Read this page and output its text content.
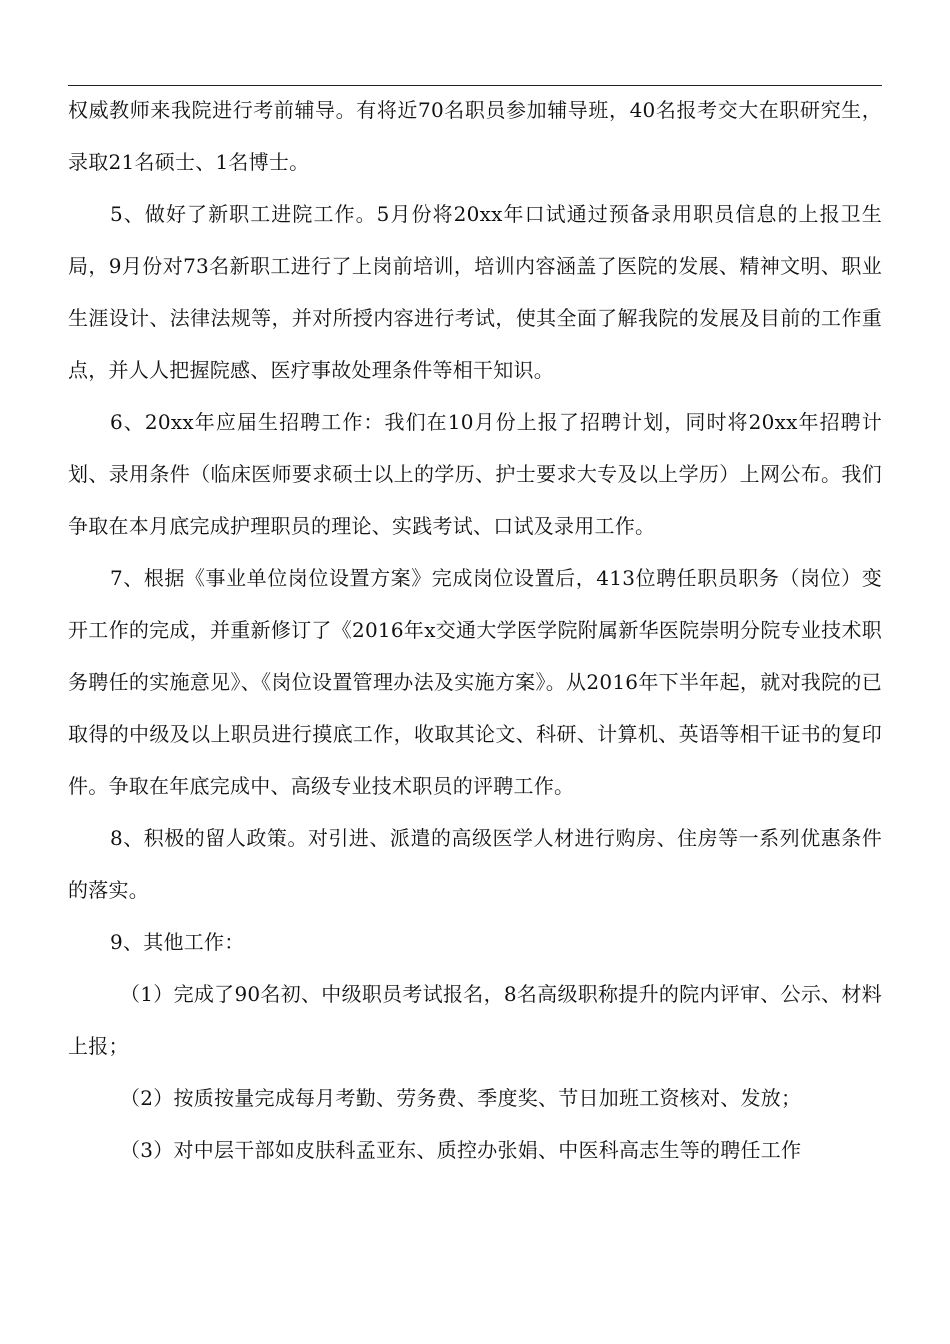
权威教师来我院进行考前辅导。有将近70名职员参加辅导班，40名报考交大在职研究生，录取21名硕士、1名博士。

5、做好了新职工进院工作。5月份将20xx年口试通过预备录用职员信息的上报卫生局，9月份对73名新职工进行了上岗前培训，培训内容涵盖了医院的发展、精神文明、职业生涯设计、法律法规等，并对所授内容进行考试，使其全面了解我院的发展及目前的工作重点，并人人把握院感、医疗事故处理条件等相干知识。

6、20xx年应届生招聘工作：我们在10月份上报了招聘计划，同时将20xx年招聘计划、录用条件（临床医师要求硕士以上的学历、护士要求大专及以上学历）上网公布。我们争取在本月底完成护理职员的理论、实践考试、口试及录用工作。

7、根据《事业单位岗位设置方案》完成岗位设置后，413位聘任职员职务（岗位）变开工作的完成，并重新修订了《2016年x交通大学医学院附属新华医院崇明分院专业技术职务聘任的实施意见》、《岗位设置管理办法及实施方案》。从2016年下半年起，就对我院的已取得的中级及以上职员进行摸底工作，收取其论文、科研、计算机、英语等相干证书的复印件。争取在年底完成中、高级专业技术职员的评聘工作。

8、积极的留人政策。对引进、派遣的高级医学人材进行购房、住房等一系列优惠条件的落实。

9、其他工作：

（1）完成了90名初、中级职员考试报名，8名高级职称提升的院内评审、公示、材料上报；

（2）按质按量完成每月考勤、劳务费、季度奖、节日加班工资核对、发放；

（3）对中层干部如皮肤科孟亚东、质控办张娟、中医科高志生等的聘任工作
